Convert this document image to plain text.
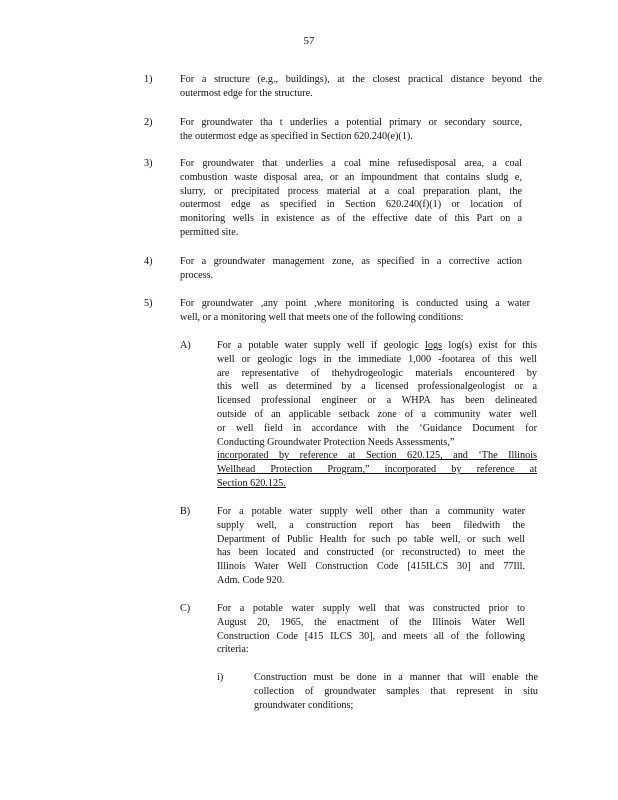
57
1)	For a structure (e.g., buildings), at the closest practical distance beyond the
outermost edge for the structure.
2)	For groundwater tha t underlies a potential primary or secondary source,
the outermost edge as specified in Section 620.240(e)(1).
3)	For groundwater that underlies a coal mine refusedisposal area, a coal
combustion waste disposal area, or an impoundment that contains sludg e,
slurry, or precipitated process material at a coal preparation plant, the
outermost edge as specified in Section 620.240(f)(1) or location of
monitoring wells in existence as of the effective date of this Part on a
permitted site.
4)	For a groundwater management zone, as specified in a corrective action
process.
5)	For groundwater ,any point ,where monitoring is conducted using a water
well, or a monitoring well that meets one of the following conditions:
A)	For a potable water supply well if geologic logs log(s) exist for this
well or geologic logs in the immediate 1,000 -footarea of this well
are representative of thehydrogeologic materials encountered by
this well as determined by a licensed professionalgeologist or a
licensed professional engineer or a WHPA has been delineated
outside of an applicable setback zone of a community water well
or well field in accordance with the ‘Guidance Document for
Conducting Groundwater Protection Needs Assessments,”
incorporated by reference at Section 620.125, and ‘The Illinois
Wellhead Protection Program,” incorporated by reference at
Section 620.125.
B)	For a potable water supply well other than a community water
supply well, a construction report has been filedwith the
Department of Public Health for such po table well, or such well
has been located and constructed (or reconstructed) to meet the
Illinois Water Well Construction Code [415ILCS 30] and 77Ill.
Adm. Code 920.
C)	For a potable water supply well that was constructed prior to
August 20, 1965, the enactment of the Illinois Water Well
Construction Code [415 ILCS 30], and meets all of the following
criteria:
i)	Construction must be done in a manner that will enable the
collection of groundwater samples that represent in situ
groundwater conditions;
